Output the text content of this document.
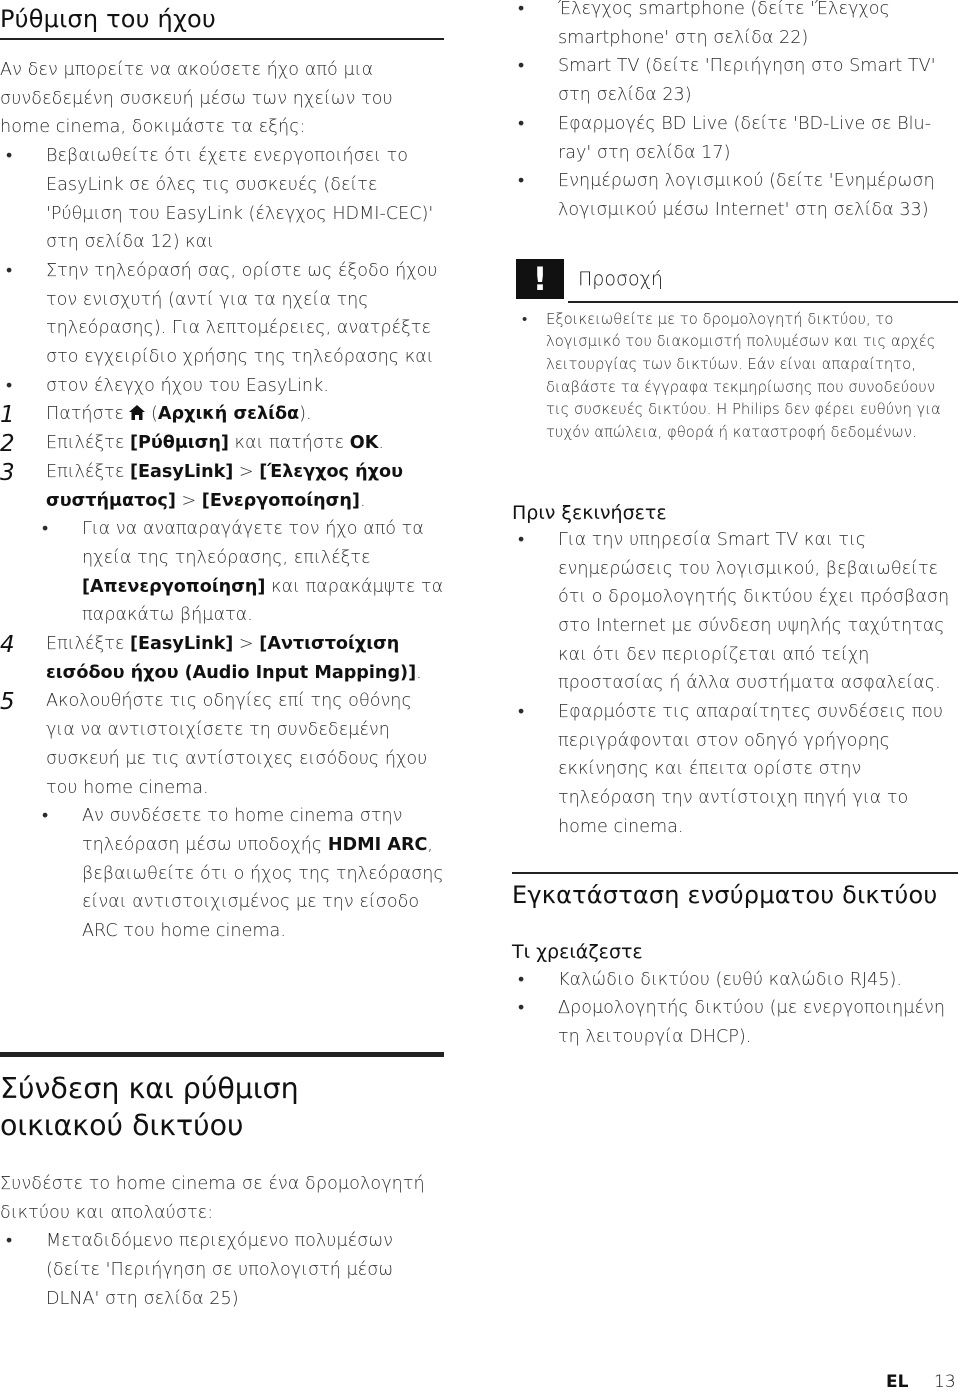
Ρύθμιση του ήχου

Αν δεν μπορείτε να ακούσετε ήχο από μια συνδεδεμένη συσκευή μέσω των ηχείων του home cinema, δοκιμάστε τα εξής:

• Βεβαιωθείτε ότι έχετε ενεργοποιήσει το EasyLink σε όλες τις συσκευές (δείτε 'Ρύθμιση του EasyLink (έλεγχος HDMI-CEC)' στη σελίδα 12) και
• Στην τηλεόρασή σας, ορίστε ως έξοδο ήχου τον ενισχυτή (αντί για τα ηχεία της τηλεόρασης). Για λεπτομέρειες, ανατρέξτε στο εγχειρίδιο χρήσης της τηλεόρασης και
• στον έλεγχο ήχου του EasyLink.
1 Πατήστε  (Αρχική σελίδα).
2 Επιλέξτε [Ρύθμιση] και πατήστε OK.
3 Επιλέξτε [EasyLink] > [Έλεγχος ήχου συστήματος] > [Ενεργοποίηση].
• Για να αναπαραγάγετε τον ήχο από τα ηχεία της τηλεόρασης, επιλέξτε [Απενεργοποίηση] και παρακάμψτε τα παρακάτω βήματα.
4 Επιλέξτε [EasyLink] > [Αντιστοίχιση εισόδου ήχου (Audio Input Mapping)].
5 Ακολουθήστε τις οδηγίες επί της οθόνης για να αντιστοιχίσετε τη συνδεδεμένη συσκευή με τις αντίστοιχες εισόδους ήχου του home cinema.
• Αν συνδέσετε το home cinema στην τηλεόραση μέσω υποδοχής HDMI ARC, βεβαιωθείτε ότι ο ήχος της τηλεόρασης είναι αντιστοιχισμένος με την είσοδο ARC του home cinema.
Σύνδεση και ρύθμιση
οικιακού δικτύου

Συνδέστε το home cinema σε ένα δρομολογητή δικτύου και απολαύστε:

• Μεταδιδόμενο περιεχόμενο πολυμέσων (δείτε 'Περιήγηση σε υπολογιστή μέσω DLNA' στη σελίδα 25)
• Έλεγχος smartphone (δείτε 'Έλεγχος smartphone' στη σελίδα 22)
• Smart TV (δείτε 'Περιήγηση στο Smart TV' στη σελίδα 23)
• Εφαρμογές BD Live (δείτε 'BD-Live σε Blu-ray' στη σελίδα 17)
• Ενημέρωση λογισμικού (δείτε 'Ενημέρωση λογισμικού μέσω Internet' στη σελίδα 33)
!	Προσοχή
• Εξοικειωθείτε με το δρομολογητή δικτύου, το λογισμικό του διακομιστή πολυμέσων και τις αρχές λειτουργίας των δικτύων. Εάν είναι απαραίτητο, διαβάστε τα έγγραφα τεκμηρίωσης που συνοδεύουν τις συσκευές δικτύου. Η Philips δεν φέρει ευθύνη για τυχόν απώλεια, φθορά ή καταστροφή δεδομένων.
Πριν ξεκινήσετε
• Για την υπηρεσία Smart TV και τις ενημερώσεις του λογισμικού, βεβαιωθείτε ότι ο δρομολογητής δικτύου έχει πρόσβαση στο Internet με σύνδεση υψηλής ταχύτητας και ότι δεν περιορίζεται από τείχη προστασίας ή άλλα συστήματα ασφαλείας.
• Εφαρμόστε τις απαραίτητες συνδέσεις που περιγράφονται στον οδηγό γρήγορης εκκίνησης και έπειτα ορίστε στην τηλεόραση την αντίστοιχη πηγή για το home cinema.
Εγκατάσταση ενσύρματου δικτύου
Τι χρειάζεστε
• Καλώδιο δικτύου (ευθύ καλώδιο RJ45).
• Δρομολογητής δικτύου (με ενεργοποιημένη τη λειτουργία DHCP).
EL 13
